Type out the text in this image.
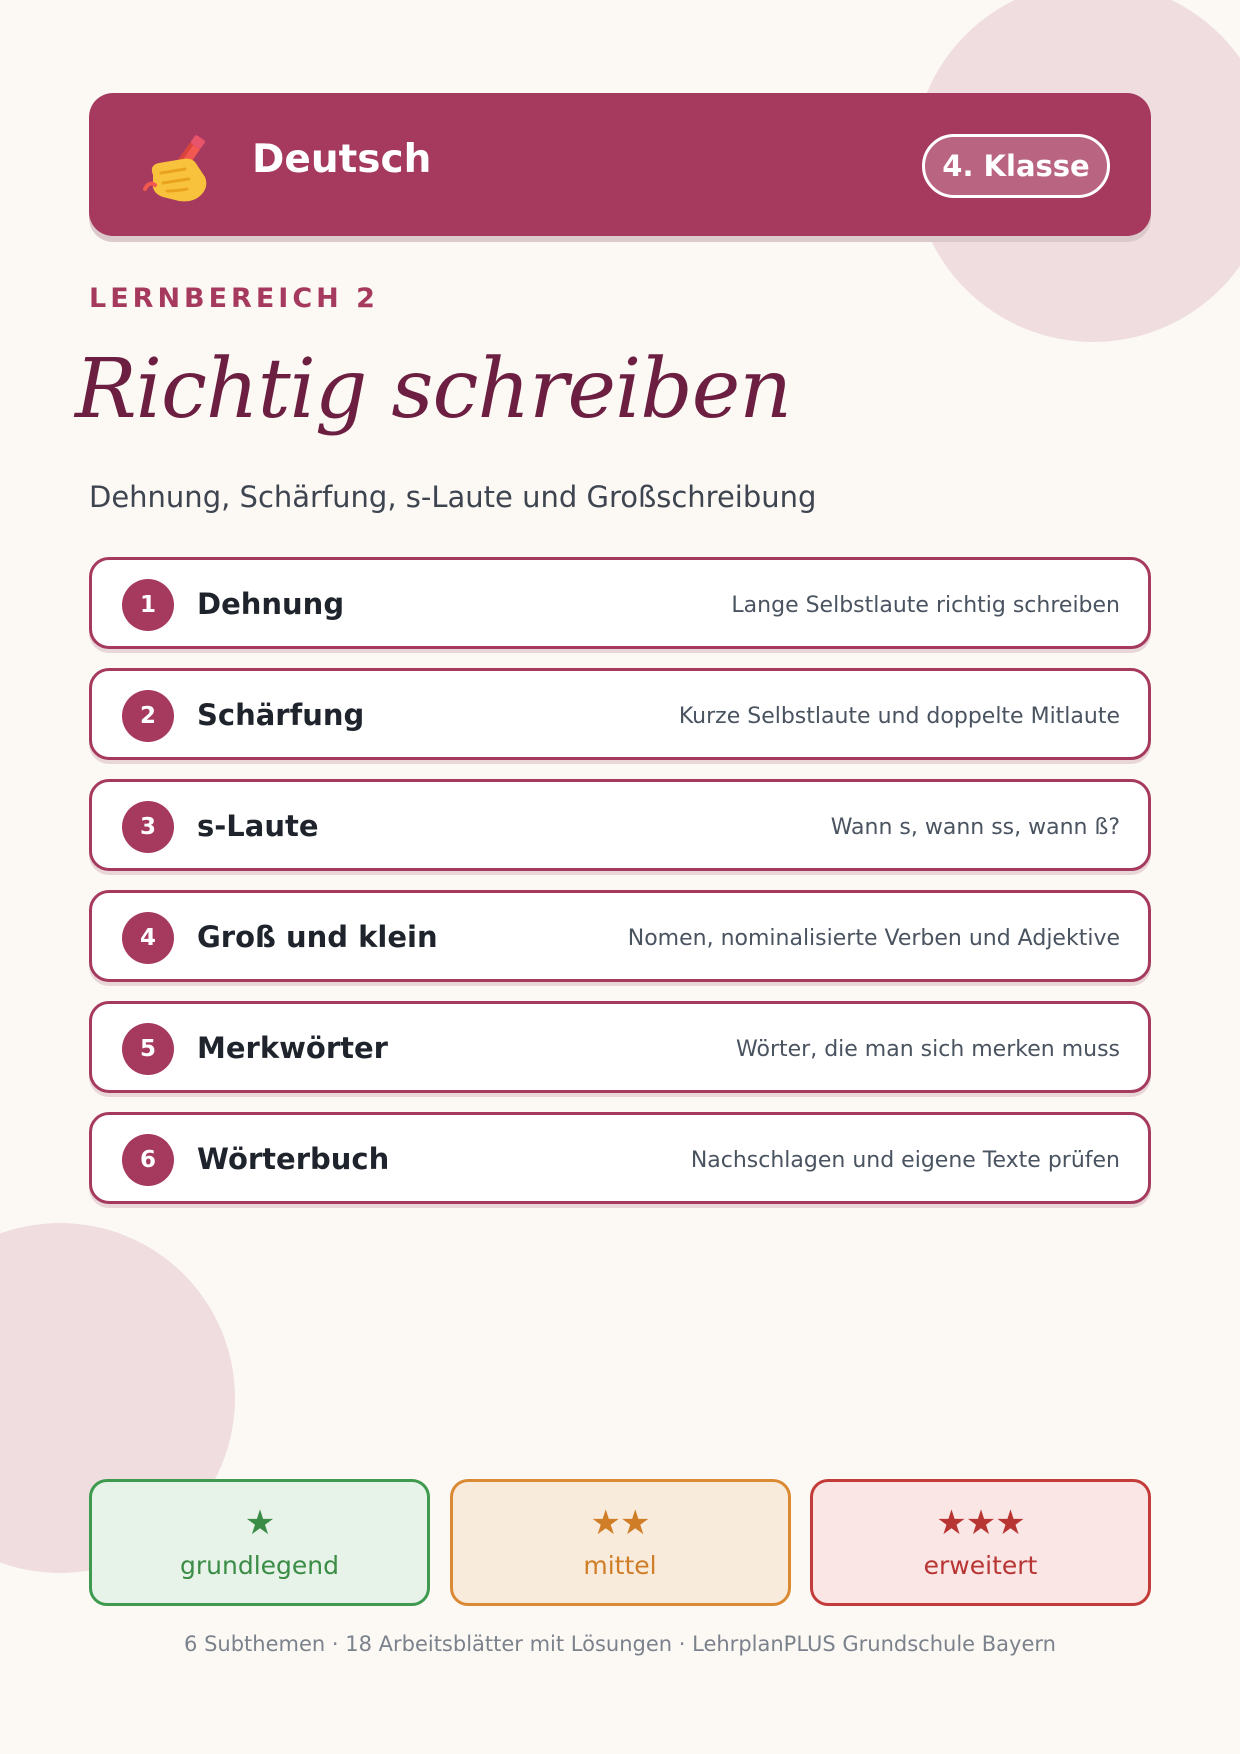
Deutsch	4. Klasse
LERNBEREICH 2
Richtig schreiben
Dehnung, Schärfung, s-Laute und Großschreibung
1	Dehnung	Lange Selbstlaute richtig schreiben
2	Schärfung	Kurze Selbstlaute und doppelte Mitlaute
3	s-Laute	Wann s, wann ss, wann ß?
4	Groß und klein	Nomen, nominalisierte Verben und Adjektive
5	Merkwörter	Wörter, die man sich merken muss
6	Wörterbuch	Nachschlagen und eigene Texte prüfen
★
grundlegend
★★
mittel
★★★
erweitert
6 Subthemen · 18 Arbeitsblätter mit Lösungen · LehrplanPLUS Grundschule Bayern
